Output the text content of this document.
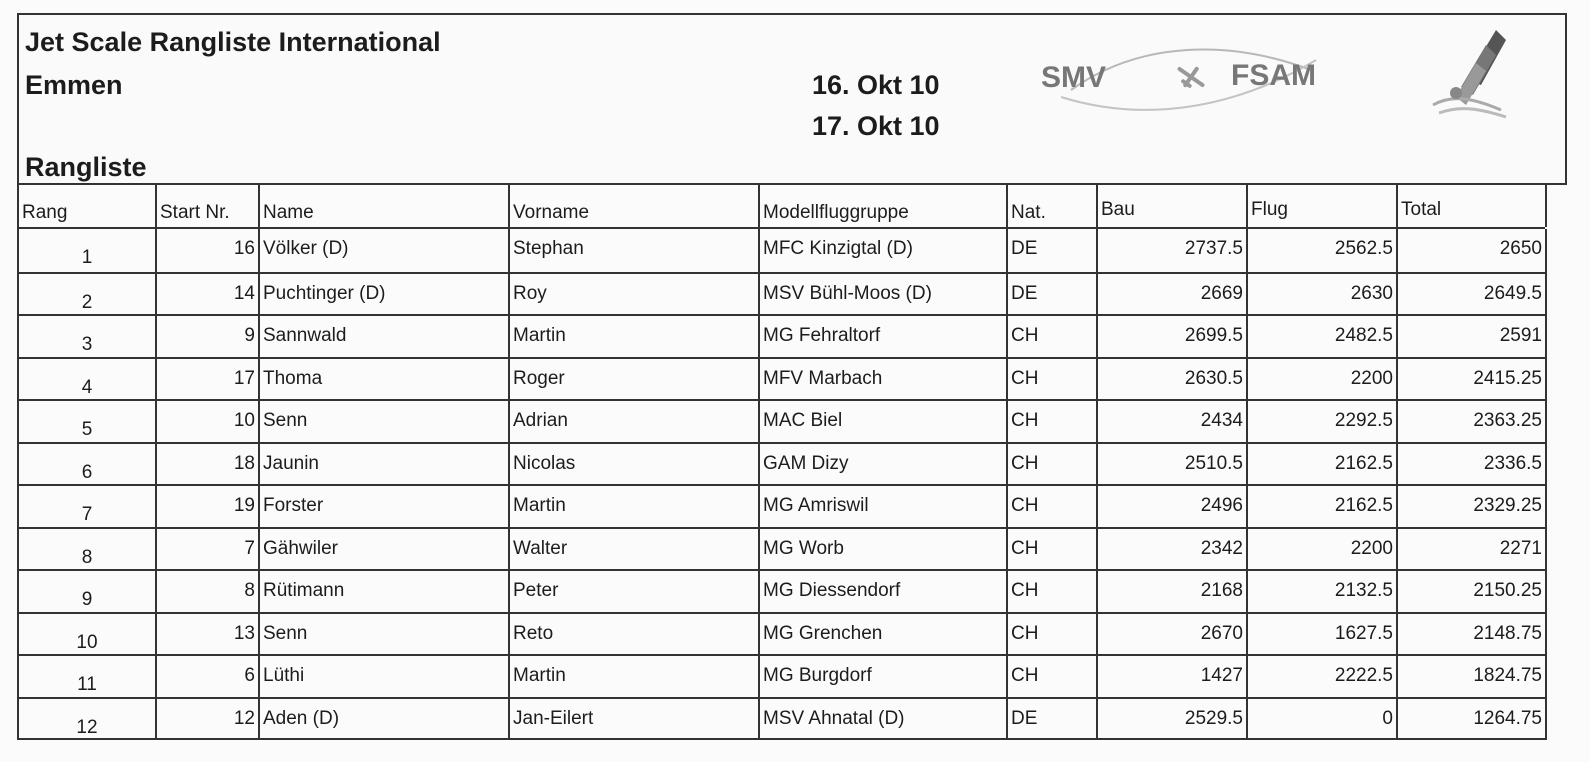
Jet Scale Rangliste International
Emmen
Rangliste
16. Okt 10
17. Okt 10
SMV	FSAM
Rang	Start Nr.	Name	Vorname	Modellfluggruppe	Nat.	Bau	Flug	Total
1	16 Völker (D)	Stephan	MFC Kinzigtal (D)	DE	2737.5	2562.5	2650
2	14 Puchtinger (D)	Roy	MSV Bühl-Moos (D)	DE	2669	2630	2649.5
3	9 Sannwald	Martin	MG Fehraltorf	CH	2699.5	2482.5	2591
4	17 Thoma	Roger	MFV Marbach	CH	2630.5	2200	2415.25
5	10 Senn	Adrian	MAC Biel	CH	2434	2292.5	2363.25
6	18 Jaunin	Nicolas	GAM Dizy	CH	2510.5	2162.5	2336.5
7	19 Forster	Martin	MG Amriswil	CH	2496	2162.5	2329.25
8	7 Gähwiler	Walter	MG Worb	CH	2342	2200	2271
9	8 Rütimann	Peter	MG Diessendorf	CH	2168	2132.5	2150.25
10	13 Senn	Reto	MG Grenchen	CH	2670	1627.5	2148.75
11	6 Lüthi	Martin	MG Burgdorf	CH	1427	2222.5	1824.75
12	12 Aden (D)	Jan-Eilert	MSV Ahnatal (D)	DE	2529.5	0	1264.75
